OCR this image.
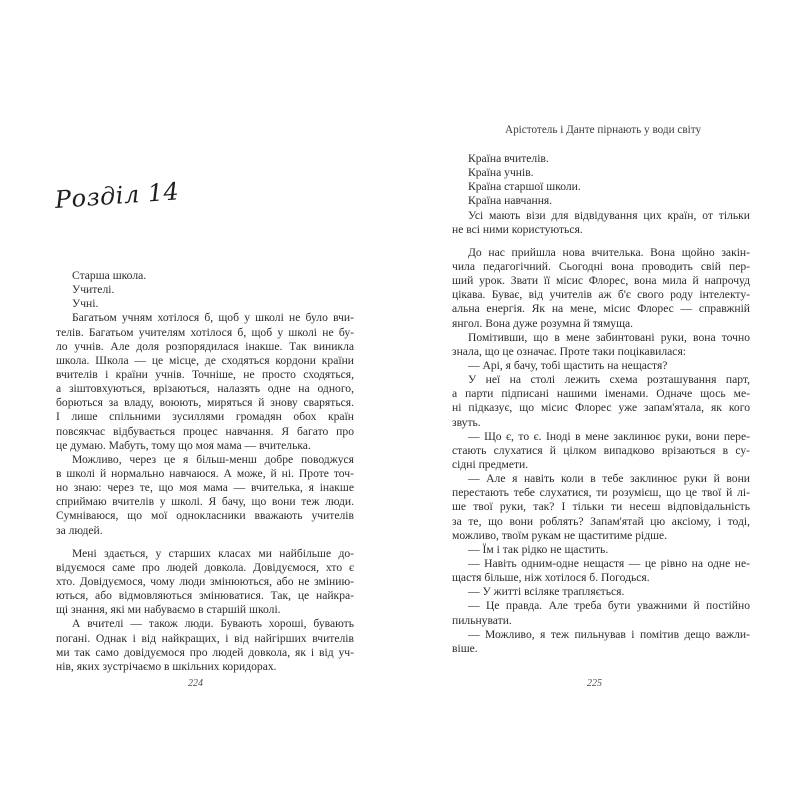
Арістотель і Данте пірнають у води світу
Розділ 14
Старша школа.
Учителі.
Учні.
Багатьом учням хотілося б, щоб у школі не було вчи-
телів. Багатьом учителям хотілося б, щоб у школі не бу-
ло учнів. Але доля розпорядилася інакше. Так виникла
школа. Школа — це місце, де сходяться кордони країни
вчителів і країни учнів. Точніше, не просто сходяться,
а зіштовхуються, врізаються, налазять одне на одного,
борються за владу, воюють, миряться й знову сваряться.
І лише спільними зусиллями громадян обох країн
повсякчас відбувається процес навчання. Я багато про
це думаю. Мабуть, тому що моя мама — вчителька.
Можливо, через це я більш-менш добре поводжуся
в школі й нормально навчаюся. А може, й ні. Проте точ-
но знаю: через те, що моя мама — вчителька, я інакше
сприймаю вчителів у школі. Я бачу, що вони теж люди.
Сумніваюся, що мої однокласники вважають учителів
за людей.
Мені здається, у старших класах ми найбільше до-
відуємося саме про людей довкола. Довідуємося, хто є
хто. Довідуємося, чому люди змінюються, або не змінию-
ються, або відмовляються змінюватися. Так, це найкра-
щі знання, які ми набуваємо в старшій школі.
А вчителі — також люди. Бувають хороші, бувають
погані. Однак і від найкращих, і від найгірших вчителів
ми так само довідуємося про людей довкола, як і від уч-
нів, яких зустрічаємо в шкільних коридорах.
Країна вчителів.
Країна учнів.
Країна старшої школи.
Країна навчання.
Усі мають візи для відвідування цих країн, от тільки
не всі ними користуються.
До нас прийшла нова вчителька. Вона щойно закін-
чила педагогічний. Сьогодні вона проводить свій пер-
ший урок. Звати її місис Флорес, вона мила й напрочуд
цікава. Буває, від учителів аж б'є свого роду інтелекту-
альна енергія. Як на мене, місис Флорес — справжній
янгол. Вона дуже розумна й тямуща.
Помітивши, що в мене забинтовані руки, вона точно
знала, що це означає. Проте таки поцікавилася:
— Арі, я бачу, тобі щастить на нещастя?
У неї на столі лежить схема розташування парт,
а парти підписані нашими іменами. Одначе щось ме-
ні підказує, що місис Флорес уже запам'ятала, як кого
звуть.
— Що є, то є. Іноді в мене заклинює руки, вони пере-
стають слухатися й цілком випадково врізаються в су-
сідні предмети.
— Але я навіть коли в тебе заклинює руки й вони
перестають тебе слухатися, ти розумієш, що це твої й лі-
ше твої руки, так? І тільки ти несеш відповідальність
за те, що вони роблять? Запам'ятай цю аксіому, і тоді,
можливо, твоїм рукам не щаститиме рідше.
— Їм і так рідко не щастить.
— Навіть одним-одне нещастя — це рівно на одне не-
щастя більше, ніж хотілося б. Погодься.
— У житті всіляке трапляється.
— Це правда. Але треба бути уважними й постійно
пильнувати.
— Можливо, я теж пильнував і помітив дещо важли-
віше.
224	225
